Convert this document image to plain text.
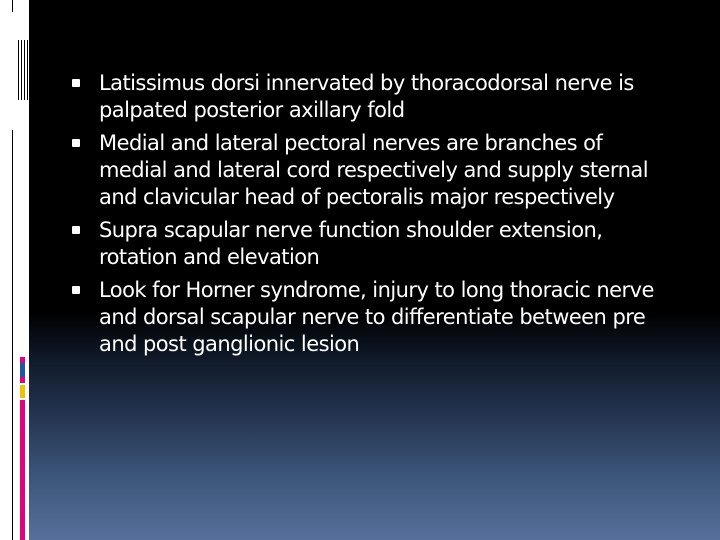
Latissimus dorsi innervated by thoracodorsal nerve is palpated posterior axillary fold
Medial and lateral pectoral nerves are branches of medial and lateral cord respectively and supply sternal and clavicular head of pectoralis major respectively
Supra scapular nerve function shoulder extension, rotation and elevation
Look for Horner syndrome, injury to long thoracic nerve and dorsal scapular nerve to differentiate between pre and post ganglionic lesion
